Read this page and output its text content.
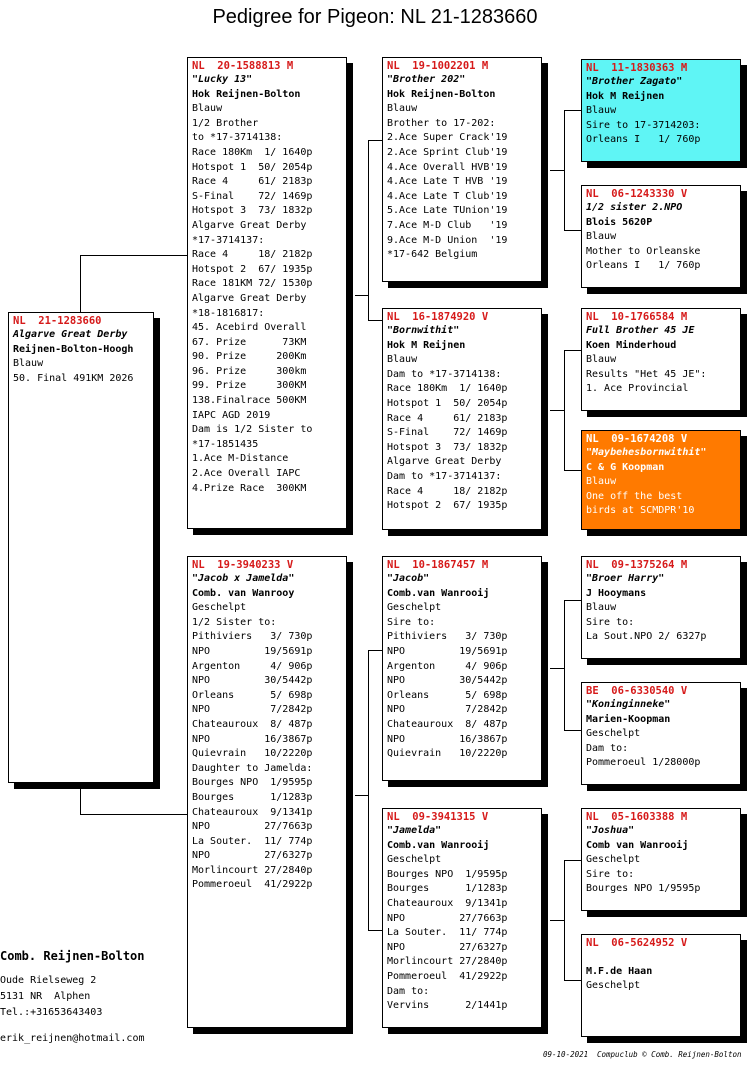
Pedigree for Pigeon: NL 21-1283660
NL  21-1283660
Algarve Great Derby
Reijnen-Bolton-Hoogh
Blauw
50. Final 491KM 2026
NL  20-1588813 M
"Lucky 13"
Hok Reijnen-Bolton
Blauw
1/2 Brother
to *17-3714138:
Race 180Km  1/ 1640p
Hotspot 1  50/ 2054p
Race 4     61/ 2183p
S-Final    72/ 1469p
Hotspot 3  73/ 1832p
Algarve Great Derby
*17-3714137:
Race 4     18/ 2182p
Hotspot 2  67/ 1935p
Race 181KM 72/ 1530p
Algarve Great Derby
*18-1816817:
45. Acebird Overall
67. Prize      73KM
90. Prize     200Km
96. Prize     300km
99. Prize     300KM
138.Finalrace 500KM
IAPC AGD 2019
Dam is 1/2 Sister to
*17-1851435
1.Ace M-Distance
2.Ace Overall IAPC
4.Prize Race  300KM
NL  19-3940233 V
"Jacob x Jamelda"
Comb. van Wanrooy
Geschelpt
1/2 Sister to:
Pithiviers   3/ 730p
NPO         19/5691p
Argenton     4/ 906p
NPO         30/5442p
Orleans      5/ 698p
NPO          7/2842p
Chateauroux  8/ 487p
NPO         16/3867p
Quievrain   10/2220p
Daughter to Jamelda:
Bourges NPO  1/9595p
Bourges      1/1283p
Chateauroux  9/1341p
NPO         27/7663p
La Souter.  11/ 774p
NPO         27/6327p
Morlincourt 27/2840p
Pommeroeul  41/2922p
NL  19-1002201 M
"Brother 202"
Hok Reijnen-Bolton
Blauw
Brother to 17-202:
2.Ace Super Crack'19
2.Ace Sprint Club'19
4.Ace Overall HVB'19
4.Ace Late T HVB '19
4.Ace Late T Club'19
5.Ace Late TUnion'19
7.Ace M-D Club   '19
9.Ace M-D Union  '19
*17-642 Belgium
NL  16-1874920 V
"Bornwithit"
Hok M Reijnen
Blauw
Dam to *17-3714138:
Race 180Km  1/ 1640p
Hotspot 1  50/ 2054p
Race 4     61/ 2183p
S-Final    72/ 1469p
Hotspot 3  73/ 1832p
Algarve Great Derby
Dam to *17-3714137:
Race 4     18/ 2182p
Hotspot 2  67/ 1935p
NL  10-1867457 M
"Jacob"
Comb.van Wanrooij
Geschelpt
Sire to:
Pithiviers   3/ 730p
NPO         19/5691p
Argenton     4/ 906p
NPO         30/5442p
Orleans      5/ 698p
NPO          7/2842p
Chateauroux  8/ 487p
NPO         16/3867p
Quievrain   10/2220p
NL  09-3941315 V
"Jamelda"
Comb.van Wanrooij
Geschelpt
Bourges NPO  1/9595p
Bourges      1/1283p
Chateauroux  9/1341p
NPO         27/7663p
La Souter.  11/ 774p
NPO         27/6327p
Morlincourt 27/2840p
Pommeroeul  41/2922p
Dam to:
Vervins      2/1441p
NL  11-1830363 M
"Brother Zagato"
Hok M Reijnen
Blauw
Sire to 17-3714203:
Orleans I   1/ 760p
NL  06-1243330 V
1/2 sister 2.NPO
Blois 5620P
Blauw
Mother to Orleanske
Orleans I   1/ 760p
NL  10-1766584 M
Full Brother 45 JE
Koen Minderhoud
Blauw
Results "Het 45 JE":
1. Ace Provincial
NL  09-1674208 V
"Maybehesbornwithit"
C & G Koopman
Blauw
One off the best
birds at SCMDPR'10
NL  09-1375264 M
"Broer Harry"
J Hooymans
Blauw
Sire to:
La Sout.NPO 2/ 6327p
BE  06-6330540 V
"Koninginneke"
Marien-Koopman
Geschelpt
Dam to:
Pommeroeul 1/28000p
NL  05-1603388 M
"Joshua"
Comb van Wanrooij
Geschelpt
Sire to:
Bourges NPO 1/9595p
NL  06-5624952 V
M.F.de Haan
Geschelpt
Comb. Reijnen-Bolton
Oude Rielseweg 2
5131 NR  Alphen
Tel.:+31653643403
erik_reijnen@hotmail.com
09-10-2021 Compuclub © Comb. Reijnen-Bolton
